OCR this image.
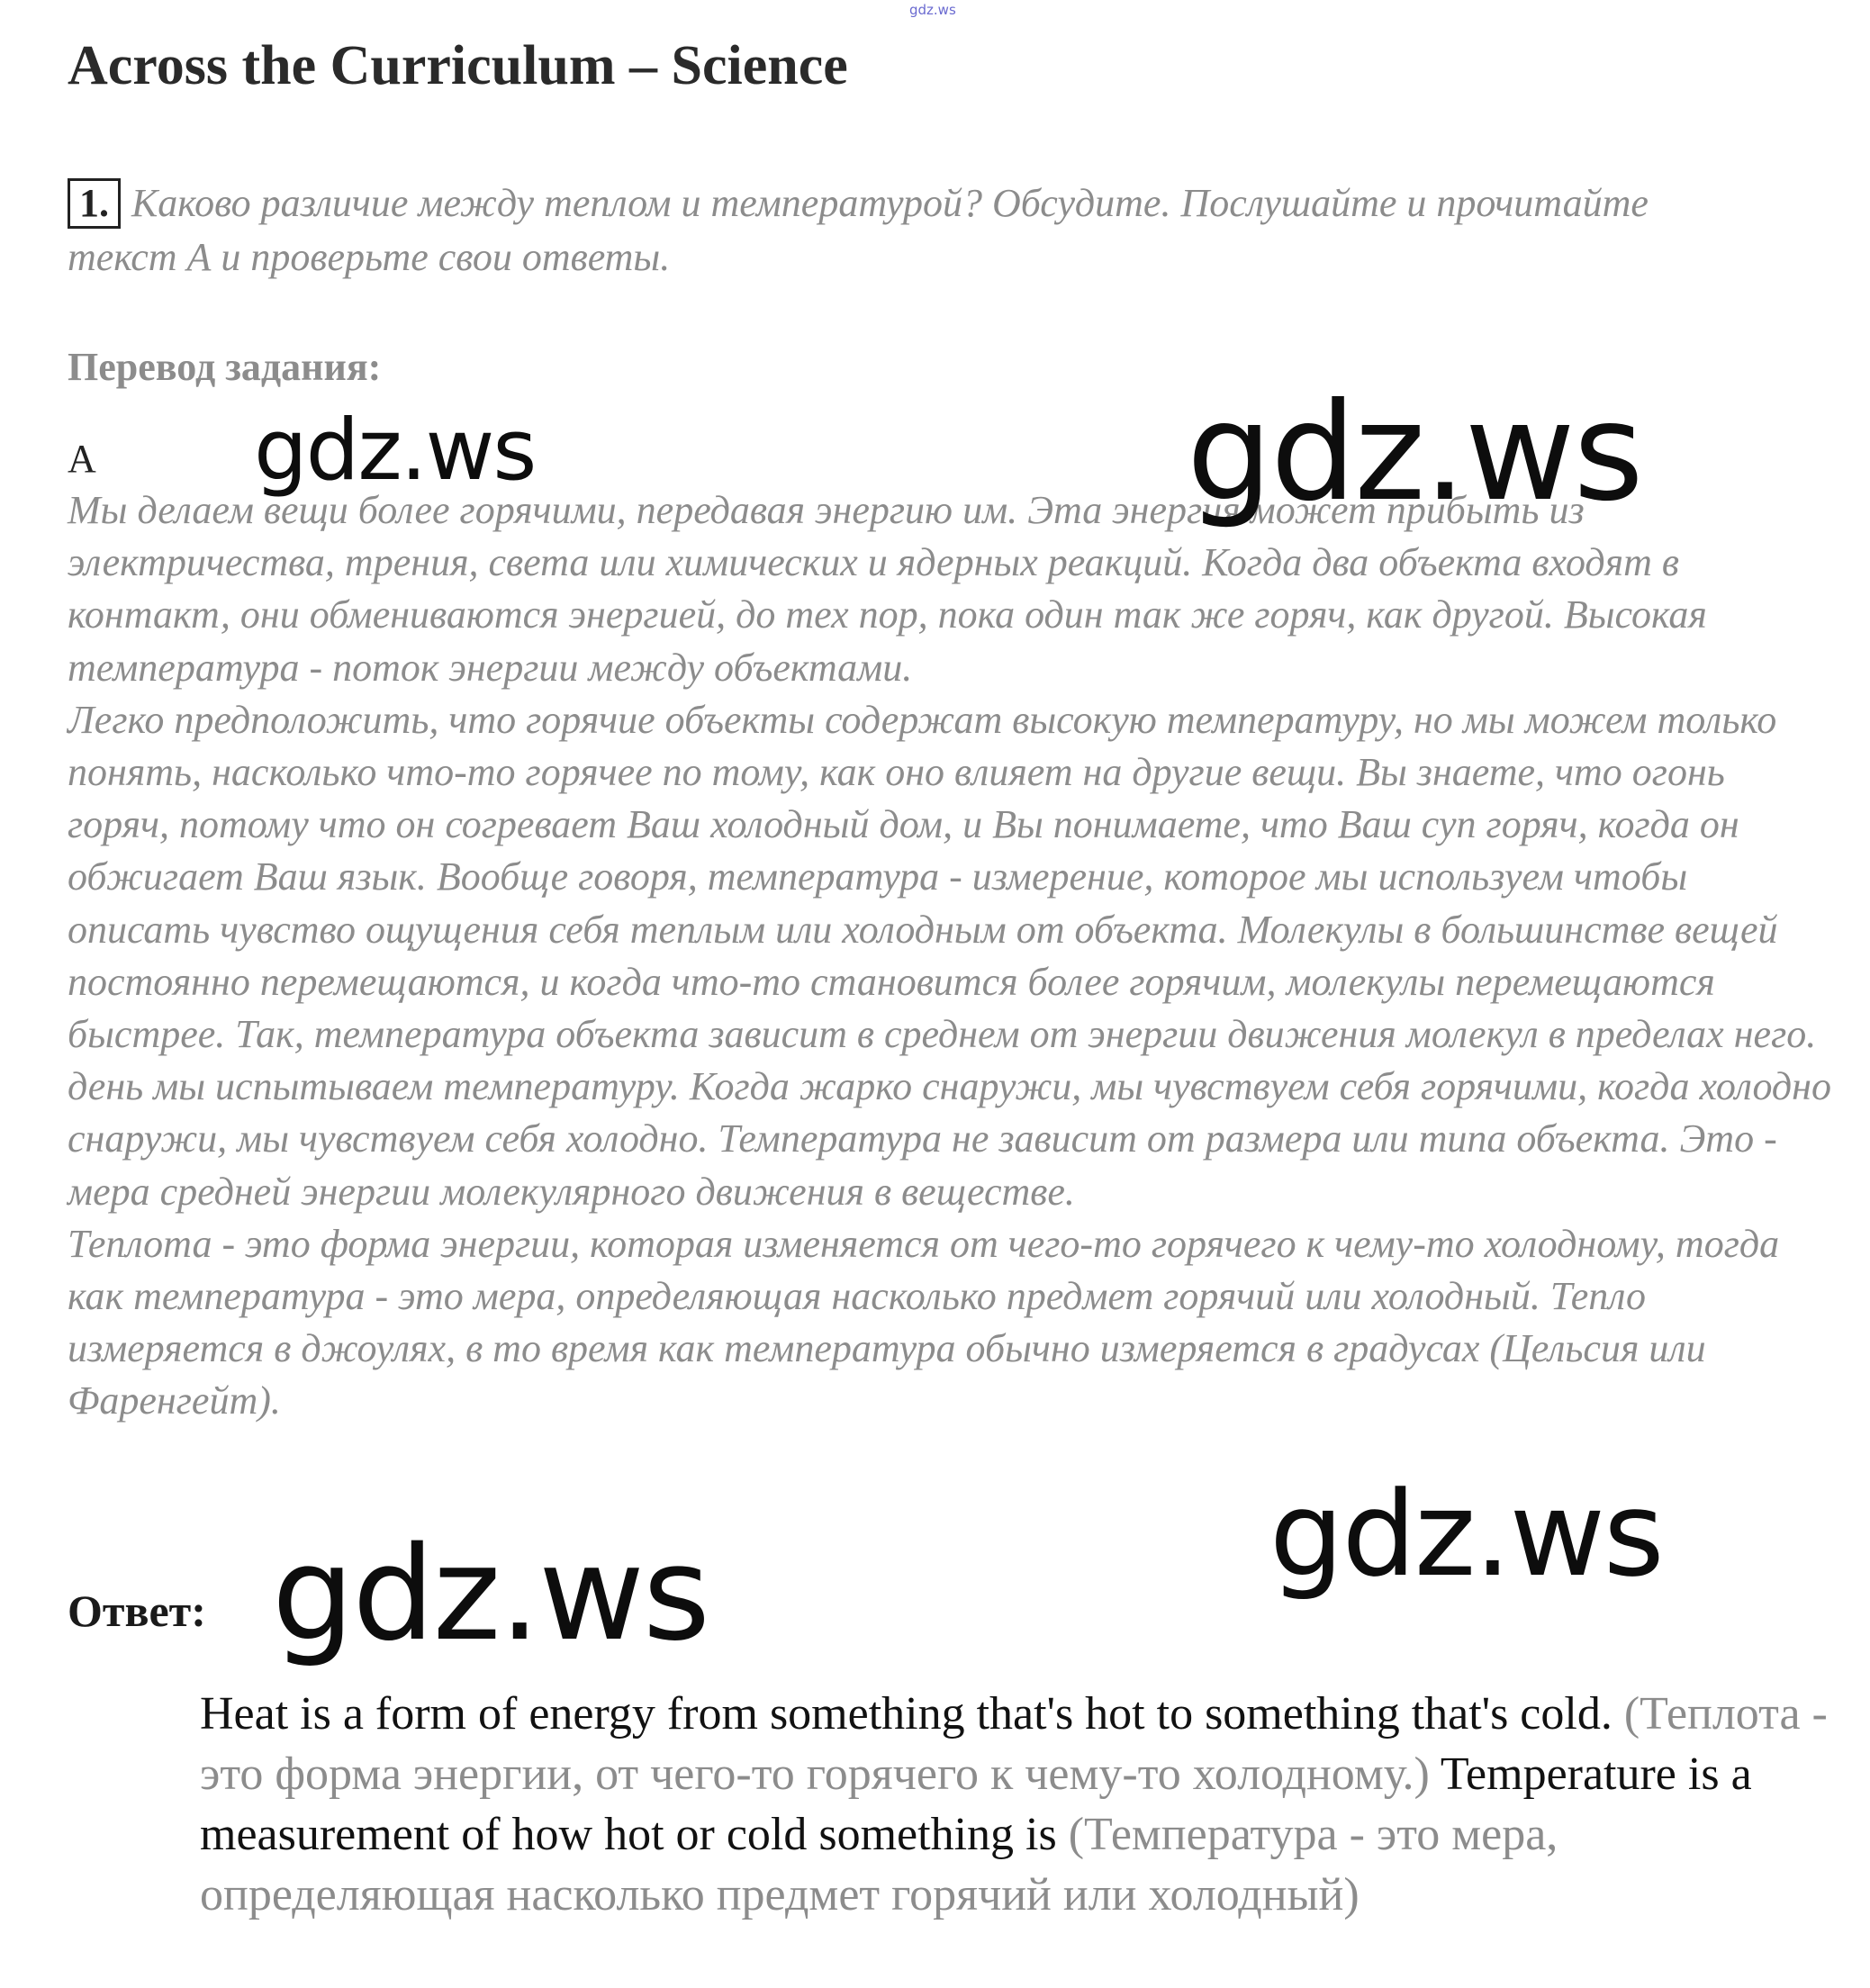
gdz.ws
Across the Curriculum – Science
1. Каково различие между теплом и температурой? Обсудите. Послушайте и прочитайте текст А и проверьте свои ответы.
Перевод задания:
A

Мы делаем вещи более горячими, передавая энергию им. Эта энергия может прибыть из электричества, трения, света или химических и ядерных реакций. Когда два объекта входят в контакт, они обмениваются энергией, до тех пор, пока один так же горяч, как другой. Высокая температура - поток энергии между объектами.

Легко предположить, что горячие объекты содержат высокую температуру, но мы можем только понять, насколько что-то горячее по тому, как оно влияет на другие вещи. Вы знаете, что огонь горяч, потому что он согревает Ваш холодный дом, и Вы понимаете, что Ваш суп горяч, когда он обжигает Ваш язык. Вообще говоря, температура - измерение, которое мы используем чтобы описать чувство ощущения себя теплым или холодным от объекта. Молекулы в большинстве вещей постоянно перемещаются, и когда что-то становится более горячим, молекулы перемещаются быстрее. Так, температура объекта зависит в среднем от энергии движения молекул в пределах него. день мы испытываем температуру. Когда жарко снаружи, мы чувствуем себя горячими, когда холодно снаружи, мы чувствуем себя холодно. Температура не зависит от размера или типа объекта. Это - мера средней энергии молекулярного движения в веществе.

Теплота - это форма энергии, которая изменяется от чего-то горячего к чему-то холодному, тогда как температура - это мера, определяющая насколько предмет горячий или холодный. Тепло измеряется в джоулях, в то время как температура обычно измеряется в градусах (Цельсия или Фаренгейт).

gdz.ws	gdz.ws
gdz.ws
gdz.ws
Ответ:
Heat is a form of energy from something that's hot to something that's cold. (Теплота - это форма энергии, от чего-то горячего к чему-то холодному.) Temperature is a measurement of how hot or cold something is (Температура - это мера, определяющая насколько предмет горячий или холодный)
